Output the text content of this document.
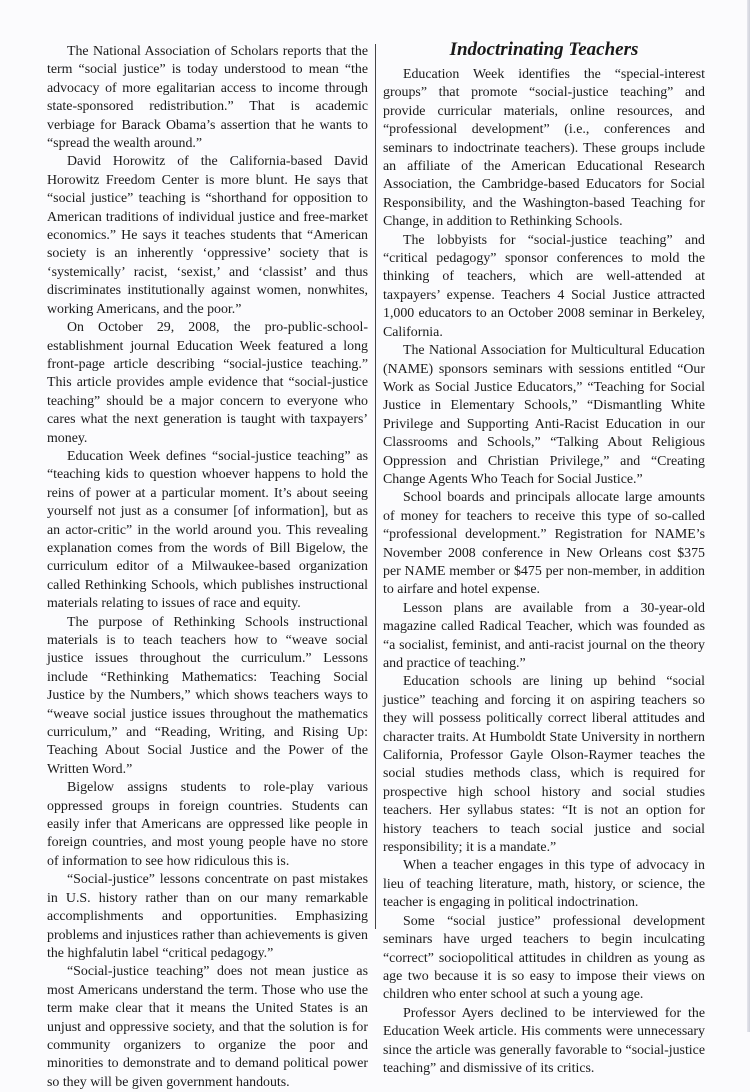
The National Association of Scholars reports that the term “social justice” is today understood to mean “the advocacy of more egalitarian access to income through state-sponsored redistribution.” That is academic verbiage for Barack Obama’s assertion that he wants to “spread the wealth around.”

David Horowitz of the California-based David Horowitz Freedom Center is more blunt. He says that “social justice” teaching is “shorthand for opposition to American traditions of individual justice and free-market economics.” He says it teaches students that “American society is an inherently ‘oppressive’ society that is ‘systemically’ racist, ‘sexist,’ and ‘classist’ and thus discriminates institutionally against women, nonwhites, working Americans, and the poor.”

On October 29, 2008, the pro-public-school-establishment journal Education Week featured a long front-page article describing “social-justice teaching.” This article provides ample evidence that “social-justice teaching” should be a major concern to everyone who cares what the next generation is taught with taxpayers’ money.

Education Week defines “social-justice teaching” as “teaching kids to question whoever happens to hold the reins of power at a particular moment. It’s about seeing yourself not just as a consumer [of information], but as an actor-critic” in the world around you. This revealing explanation comes from the words of Bill Bigelow, the curriculum editor of a Milwaukee-based organization called Rethinking Schools, which publishes instructional materials relating to issues of race and equity.

The purpose of Rethinking Schools instructional materials is to teach teachers how to “weave social justice issues throughout the curriculum.” Lessons include “Rethinking Mathematics: Teaching Social Justice by the Numbers,” which shows teachers ways to “weave social justice issues throughout the mathematics curriculum,” and “Reading, Writing, and Rising Up: Teaching About Social Justice and the Power of the Written Word.”

Bigelow assigns students to role-play various oppressed groups in foreign countries. Students can easily infer that Americans are oppressed like people in foreign countries, and most young people have no store of information to see how ridiculous this is.

“Social-justice” lessons concentrate on past mistakes in U.S. history rather than on our many remarkable accomplishments and opportunities. Emphasizing problems and injustices rather than achievements is given the highfalutin label “critical pedagogy.”

“Social-justice teaching” does not mean justice as most Americans understand the term. Those who use the term make clear that it means the United States is an unjust and oppressive society, and that the solution is for community organizers to organize the poor and minorities to demonstrate and to demand political power so they will be given government handouts.

Indoctrinating Teachers

Education Week identifies the “special-interest groups” that promote “social-justice teaching” and provide curricular materials, online resources, and “professional development” (i.e., conferences and seminars to indoctrinate teachers). These groups include an affiliate of the American Educational Research Association, the Cambridge-based Educators for Social Responsibility, and the Washington-based Teaching for Change, in addition to Rethinking Schools.

The lobbyists for “social-justice teaching” and “critical pedagogy” sponsor conferences to mold the thinking of teachers, which are well-attended at taxpayers’ expense. Teachers 4 Social Justice attracted 1,000 educators to an October 2008 seminar in Berkeley, California.

The National Association for Multicultural Education (NAME) sponsors seminars with sessions entitled “Our Work as Social Justice Educators,” “Teaching for Social Justice in Elementary Schools,” “Dismantling White Privilege and Supporting Anti-Racist Education in our Classrooms and Schools,” “Talking About Religious Oppression and Christian Privilege,” and “Creating Change Agents Who Teach for Social Justice.”

School boards and principals allocate large amounts of money for teachers to receive this type of so-called “professional development.” Registration for NAME’s November 2008 conference in New Orleans cost $375 per NAME member or $475 per non-member, in addition to airfare and hotel expense.

Lesson plans are available from a 30-year-old magazine called Radical Teacher, which was founded as “a socialist, feminist, and anti-racist journal on the theory and practice of teaching.”

Education schools are lining up behind “social justice” teaching and forcing it on aspiring teachers so they will possess politically correct liberal attitudes and character traits. At Humboldt State University in northern California, Professor Gayle Olson-Raymer teaches the social studies methods class, which is required for prospective high school history and social studies teachers. Her syllabus states: “It is not an option for history teachers to teach social justice and social responsibility; it is a mandate.”

When a teacher engages in this type of advocacy in lieu of teaching literature, math, history, or science, the teacher is engaging in political indoctrination.

Some “social justice” professional development seminars have urged teachers to begin inculcating “correct” sociopolitical attitudes in children as young as age two because it is so easy to impose their views on children who enter school at such a young age.

Professor Ayers declined to be interviewed for the Education Week article. His comments were unnecessary since the article was generally favorable to “social-justice teaching” and dismissive of its critics.
